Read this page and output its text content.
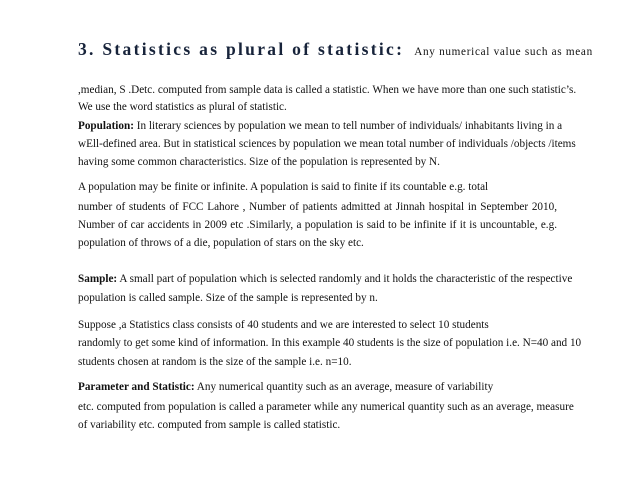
3. Statistics as plural of statistic: Any numerical value such as mean
,median, S .Detc. computed from sample data is called a statistic. When we have more than one such statistic’s.
We use the word statistics as plural of statistic.
Population: In literary sciences by population we mean to tell number of individuals/ inhabitants living in a
wEll-defined area. But in statistical sciences by population we mean total number of individuals /objects /items
having some common characteristics. Size of the population is represented by N.
A population may be finite or infinite. A population is said to finite if its countable e.g. total
number of students of FCC Lahore , Number of patients admitted at Jinnah hospital in September 2010,
Number of car accidents in 2009 etc .Similarly, a population is said to be infinite if it is uncountable, e.g.
population of throws of a die, population of stars on the sky etc.
Sample: A small part of population which is selected randomly and it holds the characteristic of the respective
population is called sample. Size of the sample is represented by n.
Suppose ,a Statistics class consists of 40 students and we are interested to select 10 students
randomly to get some kind of information. In this example 40 students is the size of population i.e. N=40 and 10
students chosen at random is the size of the sample i.e. n=10.
Parameter and Statistic: Any numerical quantity such as an average, measure of variability
etc. computed from population is called a parameter while any numerical quantity such as an average, measure
of variability etc. computed from sample is called statistic.
